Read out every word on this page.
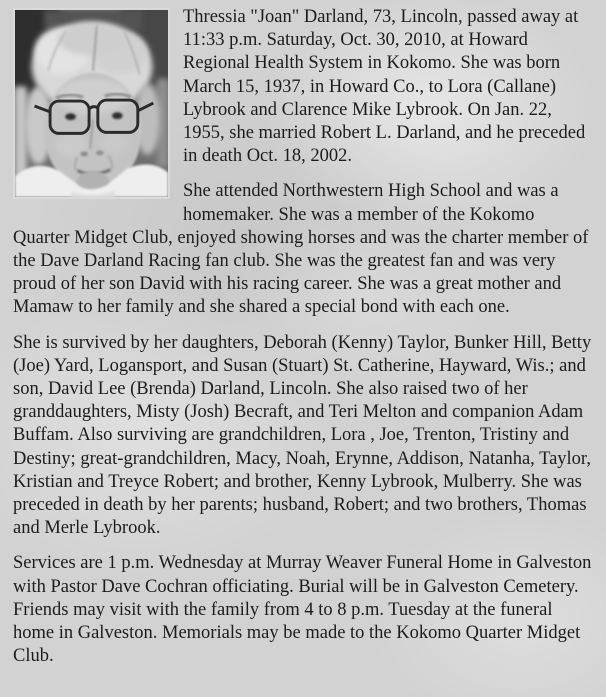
Thressia "Joan" Darland, 73, Lincoln, passed away at 11:33 p.m. Saturday, Oct. 30, 2010, at Howard Regional Health System in Kokomo. She was born March 15, 1937, in Howard Co., to Lora (Callane) Lybrook and Clarence Mike Lybrook. On Jan. 22, 1955, she married Robert L. Darland, and he preceded in death Oct. 18, 2002.

She attended Northwestern High School and was a homemaker. She was a member of the Kokomo Quarter Midget Club, enjoyed showing horses and was the charter member of the Dave Darland Racing fan club. She was the greatest fan and was very proud of her son David with his racing career. She was a great mother and Mamaw to her family and she shared a special bond with each one.

She is survived by her daughters, Deborah (Kenny) Taylor, Bunker Hill, Betty (Joe) Yard, Logansport, and Susan (Stuart) St. Catherine, Hayward, Wis.; and son, David Lee (Brenda) Darland, Lincoln. She also raised two of her granddaughters, Misty (Josh) Becraft, and Teri Melton and companion Adam Buffam. Also surviving are grandchildren, Lora , Joe, Trenton, Tristiny and Destiny; great-grandchildren, Macy, Noah, Erynne, Addison, Natanha, Taylor, Kristian and Treyce Robert; and brother, Kenny Lybrook, Mulberry. She was preceded in death by her parents; husband, Robert; and two brothers, Thomas and Merle Lybrook.

Services are 1 p.m. Wednesday at Murray Weaver Funeral Home in Galveston with Pastor Dave Cochran officiating. Burial will be in Galveston Cemetery. Friends may visit with the family from 4 to 8 p.m. Tuesday at the funeral home in Galveston. Memorials may be made to the Kokomo Quarter Midget Club.
